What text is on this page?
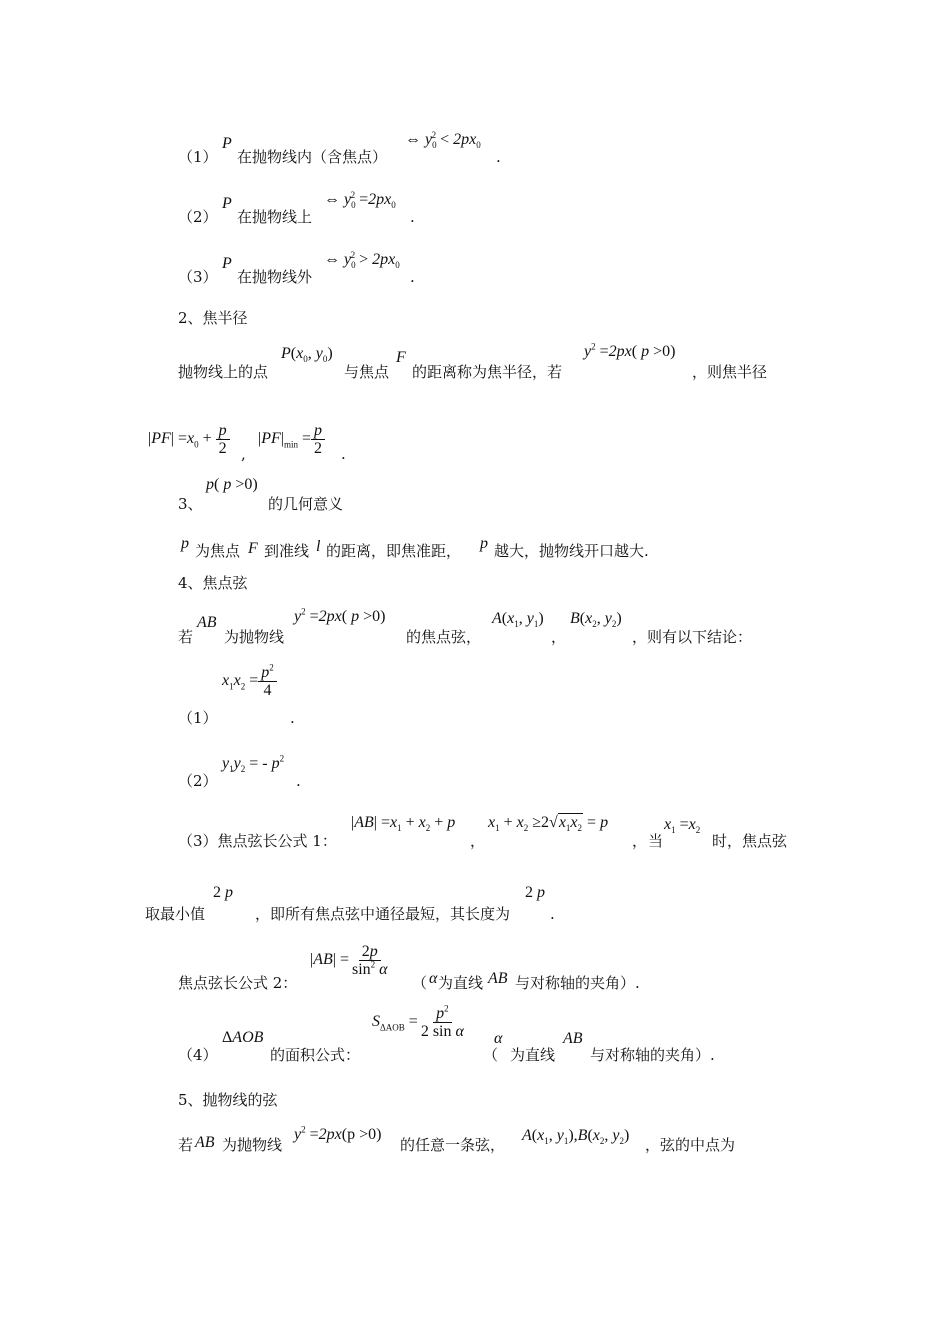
（1）
P
在抛物线内（含焦点）
⇔ $y_0^2 < 2px_0$
.
（2）
P
在抛物线上
⇔ $y_0^2 =2px_0$
.
（3）
P
在抛物线外
⇔ $y_0^2 > 2px_0$
.
2、焦半径
抛物线上的点
$P(x_0$, $y_0$)
与焦点
F
的距离称为焦半径，若
$y^2 =2px$( p >0)
，则焦半径
$|PF| =x_0 + \frac{p}{2}$ ,
$|PF|_{min} = \frac{p}{2}$ .
3、
p( p >0)
的几何意义
p 为焦点 F 到准线 l 的距离，即焦准距， p 越大，抛物线开口越大.
4、焦点弦
若
AB
为抛物线
$y^2 =2px$( p >0)
的焦点弦，
$A(x_1$, $y_1$)
，
$B(x_2$, $y_2$)
，则有以下结论：
$x_1x_2 = \frac{p^2}{4}$
（1）	.
$y_1y_2$ = - $p^2$
（2）	.
（3）焦点弦长公式 1：
$|AB| =x_1 + x_2 + p$
，
$x_1 + x_2 \ge 2√x_1x_2 = p$
， 当
$x_1 =x_2$
时，焦点弦
取最小值
2 p
，即所有焦点弦中通径最短，其长度为
2 p
.
焦点弦长公式 2：
$|AB| = \frac{2p}{\sin^2 \alpha}$
（ α 为直线 AB 与对称轴的夹角）.
ΔAOB
（4）	的面积公式：
$S_{\Delta AOB} = \frac{p^2}{\text{2 sin α}}$ α
（ 为直线
AB
与对称轴的夹角）.
5、抛物线的弦
若 AB 为抛物线
$y^2 =2px(p >0)$
的任意一条弦，
$A(x_1$, $y_1),B(x_2$, $y_2$)
，弦的中点为
